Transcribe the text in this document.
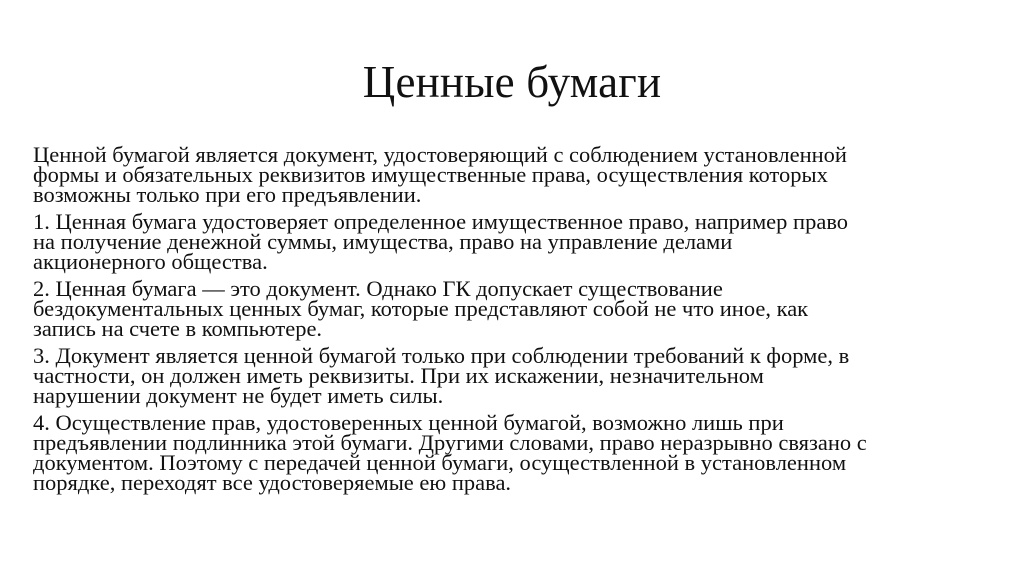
Ценные бумаги

Ценной бумагой является документ, удостоверяющий с соблюдением установленной
формы и обязательных реквизитов имущественные права, осуществления которых
возможны только при его предъявлении.

1. Ценная бумага удостоверяет определенное имущественное право, например право
на получение денежной суммы, имущества, право на управление делами
акционерного общества.

2. Ценная бумага — это документ. Однако ГК допускает существование
бездокументальных ценных бумаг, которые представляют собой не что иное, как
запись на счете в компьютере.

3. Документ является ценной бумагой только при соблюдении требований к форме, в
частности, он должен иметь реквизиты. При их искажении, незначительном
нарушении документ не будет иметь силы.

4. Осуществление прав, удостоверенных ценной бумагой, возможно лишь при
предъявлении подлинника этой бумаги. Другими словами, право неразрывно связано с
документом. Поэтому с передачей ценной бумаги, осуществленной в установленном
порядке, переходят все удостоверяемые ею права.
